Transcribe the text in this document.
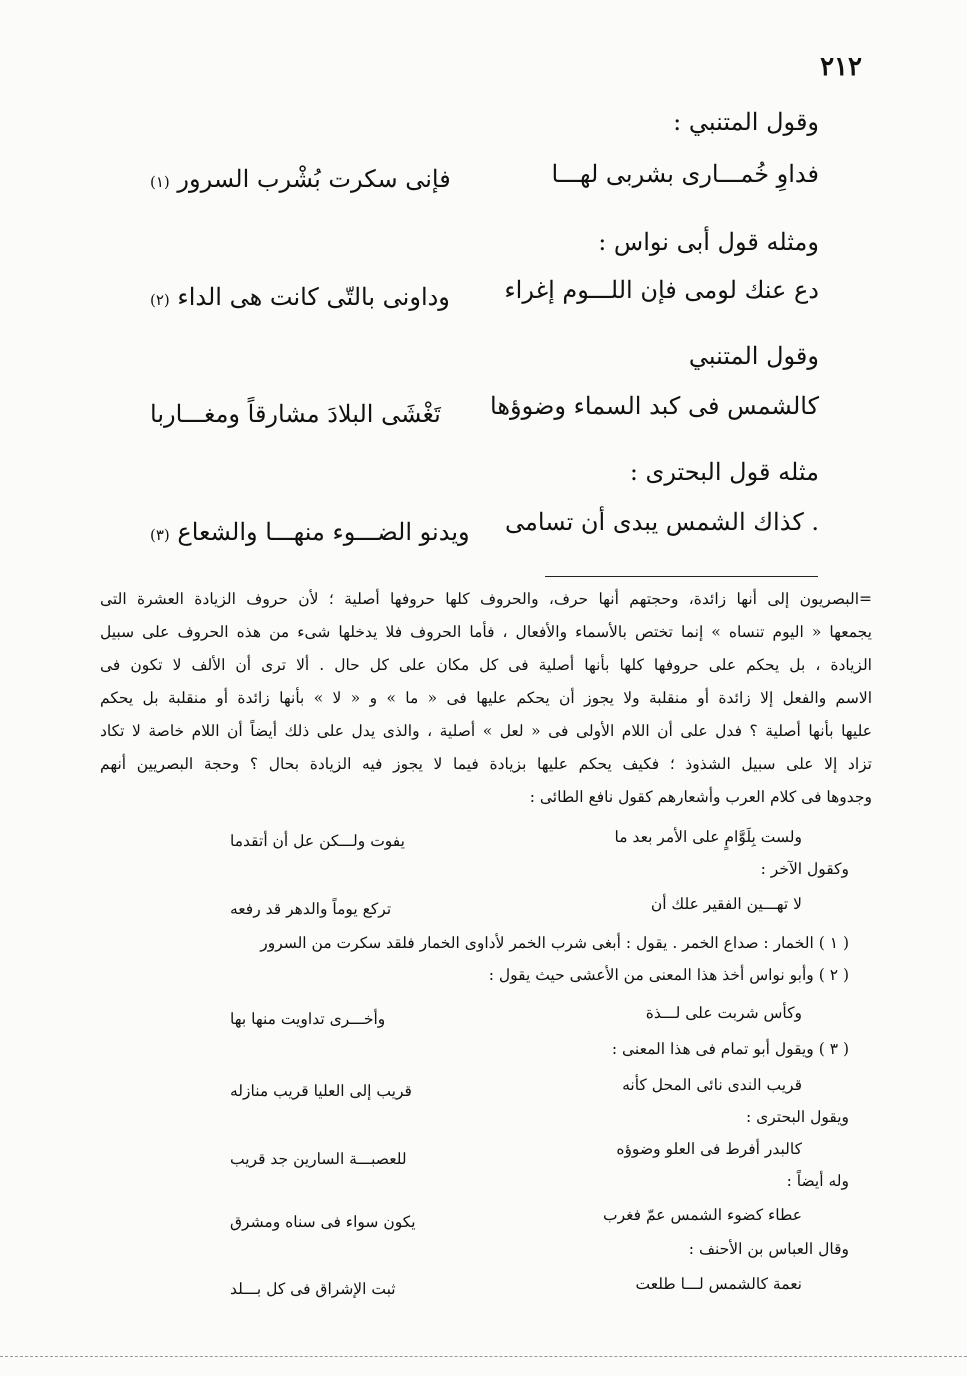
٢١٢
وقول المتنبي :
فداوِ خُمـــارى بشربى لهـــا
فإنى سكرت بُشْرب السرور (١)
ومثله قول أبى نواس :
دع عنك لومى فإن اللـــوم إغراء
وداونى بالتّى كانت هى الداء (٢)
وقول المتنبي
كالشمس فى كبد السماء وضوؤها
تَغْشَى البلادَ مشارقاً ومغـــاربا
مثله قول البحترى :
. كذاك الشمس يبدى أن تسامى
ويدنو الضـــوء منهـــا والشعاع (٣)
=البصريون إلى أنها زائدة، وحجتهم أنها حرف، والحروف كلها حروفها أصلية ؛ لأن حروف الزيادة العشرة التى
يجمعها « اليوم تنساه » إنما تختص بالأسماء والأفعال ، فأما الحروف فلا يدخلها شىء من هذه الحروف على سبيل
الزيادة ، بل يحكم على حروفها كلها بأنها أصلية فى كل مكان على كل حال . ألا ترى أن الألف لا تكون فى
الاسم والفعل إلا زائدة أو منقلبة ولا يجوز أن يحكم عليها فى « ما » و « لا » بأنها زائدة أو منقلبة بل يحكم
عليها بأنها أصلية ؟ فدل على أن اللام الأولى فى « لعل » أصلية ، والذى يدل على ذلك أيضاً أن اللام خاصة لا تكاد
تزاد إلا على سبيل الشذوذ ؛ فكيف يحكم عليها بزيادة فيما لا يجوز فيه الزيادة بحال ؟ وحجة البصريين أنهم
وجدوها فى كلام العرب وأشعارهم كقول نافع الطائى :
ولست بِلَوَّامٍ على الأمر بعد ما
يفوت ولـــكن عل أن أتقدما
وكقول الآخر :
لا تهـــين الفقير علك أن
تركع يوماً والدهر قد رفعه
( ١ ) الخمار : صداع الخمر . يقول : أبغى شرب الخمر لأداوى الخمار فلقد سكرت من السرور
( ٢ ) وأبو نواس أخذ هذا المعنى من الأعشى حيث يقول :
وكأس شربت على لـــذة
وأخـــرى تداويت منها بها
( ٣ ) ويقول أبو تمام فى هذا المعنى :
قريب الندى نائى المحل كأنه
قريب إلى العليا قريب منازله
ويقول البحترى :
كالبدر أفرط فى العلو وضوؤه
للعصبـــة السارين جد قريب
وله أيضاً :
عطاء كضوء الشمس عمّ فغرب
يكون سواء فى سناه ومشرق
وقال العباس بن الأحنف :
نعمة كالشمس لـــا طلعت
ثبت الإشراق فى كل بـــلد
